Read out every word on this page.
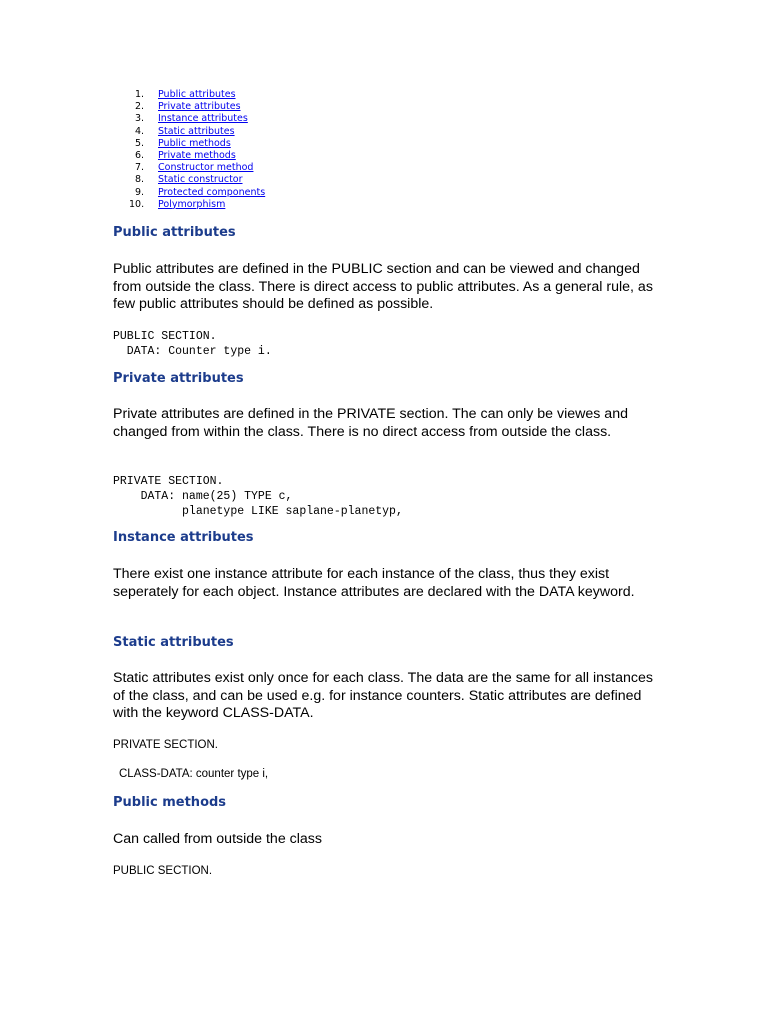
1. Public attributes
2. Private attributes
3. Instance attributes
4. Static attributes
5. Public methods
6. Private methods
7. Constructor method
8. Static constructor
9. Protected components
10. Polymorphism
Public attributes

Public attributes are defined in the PUBLIC section and can be viewed and changed from outside the class. There is direct access to public attributes. As a general rule, as few public attributes should be defined as possible.

PUBLIC SECTION.
DATA: Counter type i.
Private attributes

Private attributes are defined in the PRIVATE section. The can only be viewes and changed from within the class. There is no direct access from outside the class.

PRIVATE SECTION.
DATA: name(25) TYPE c,
planetype LIKE saplane-planetyp,
Instance attributes

There exist one instance attribute for each instance of the class, thus they exist seperately for each object. Instance attributes are declared with the DATA keyword.

Static attributes

Static attributes exist only once for each class. The data are the same for all instances of the class, and can be used e.g. for instance counters. Static attributes are defined with the keyword CLASS-DATA.

PRIVATE SECTION.

CLASS-DATA: counter type i,

Public methods

Can called from outside the class

PUBLIC SECTION.
